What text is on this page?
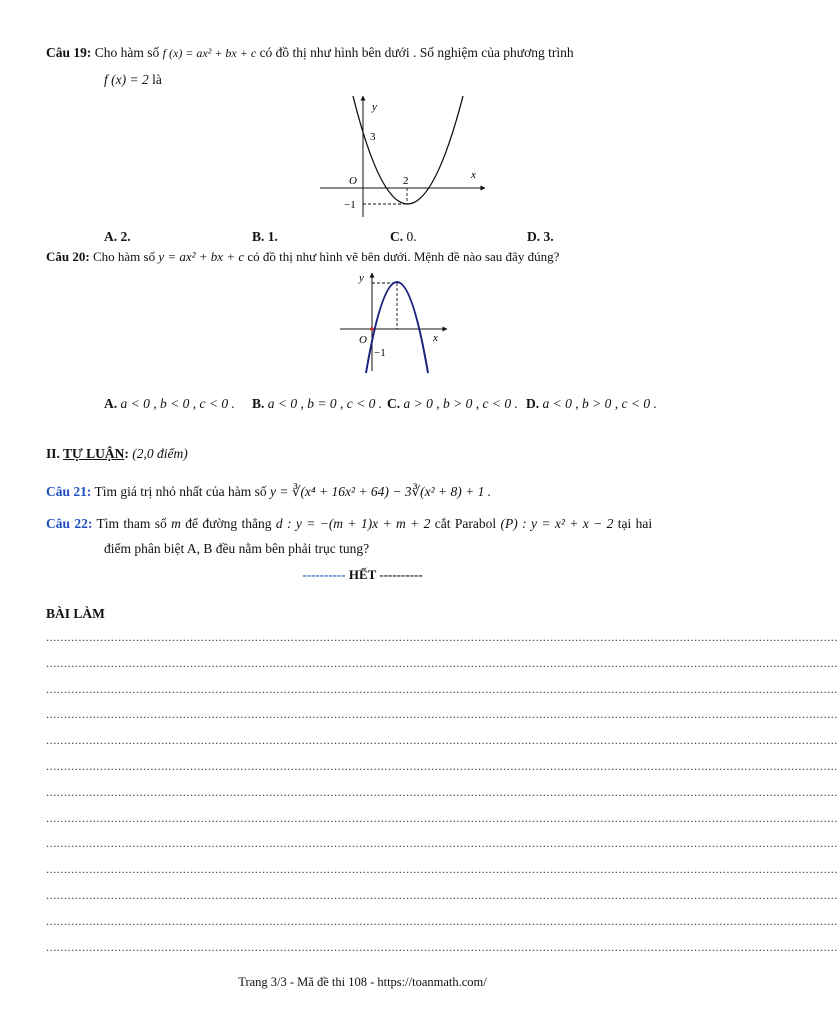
Câu 19: Cho hàm số f (x) = ax² + bx + c có đồ thị như hình bên dưới . Số nghiệm của phương trình
f (x) = 2 là
y
x
O
3
2
−1
A. 2.	B. 1.	C. 0.	D. 3.
Câu 20: Cho hàm số y = ax² + bx + c có đồ thị như hình vẽ bên dưới. Mệnh đề nào sau đây đúng?
y
x
O
−1
A. a < 0 , b < 0 , c < 0 . B. a < 0 , b = 0 , c < 0 . C. a > 0 , b > 0 , c < 0 . D. a < 0 , b > 0 , c < 0 .
II. TỰ LUẬN: (2,0 điểm)
Câu 21: Tìm giá trị nhỏ nhất của hàm số y = ∛(x⁴ + 16x² + 64) − 3∛(x² + 8) + 1 .
Câu 22: Tìm tham số m để đường thẳng d : y = −(m + 1)x + m + 2 cắt Parabol (P) : y = x² + x − 2 tại hai
điểm phân biệt A, B đều nằm bên phải trục tung?
---------- HẾT ----------
BÀI LÀM
............................................................................................................................................................................................................................
............................................................................................................................................................................................................................
............................................................................................................................................................................................................................
............................................................................................................................................................................................................................
............................................................................................................................................................................................................................
............................................................................................................................................................................................................................
............................................................................................................................................................................................................................
............................................................................................................................................................................................................................
............................................................................................................................................................................................................................
............................................................................................................................................................................................................................
............................................................................................................................................................................................................................
............................................................................................................................................................................................................................
............................................................................................................................................................................................................................
Trang 3/3 - Mã đề thi 108 - https://toanmath.com/
